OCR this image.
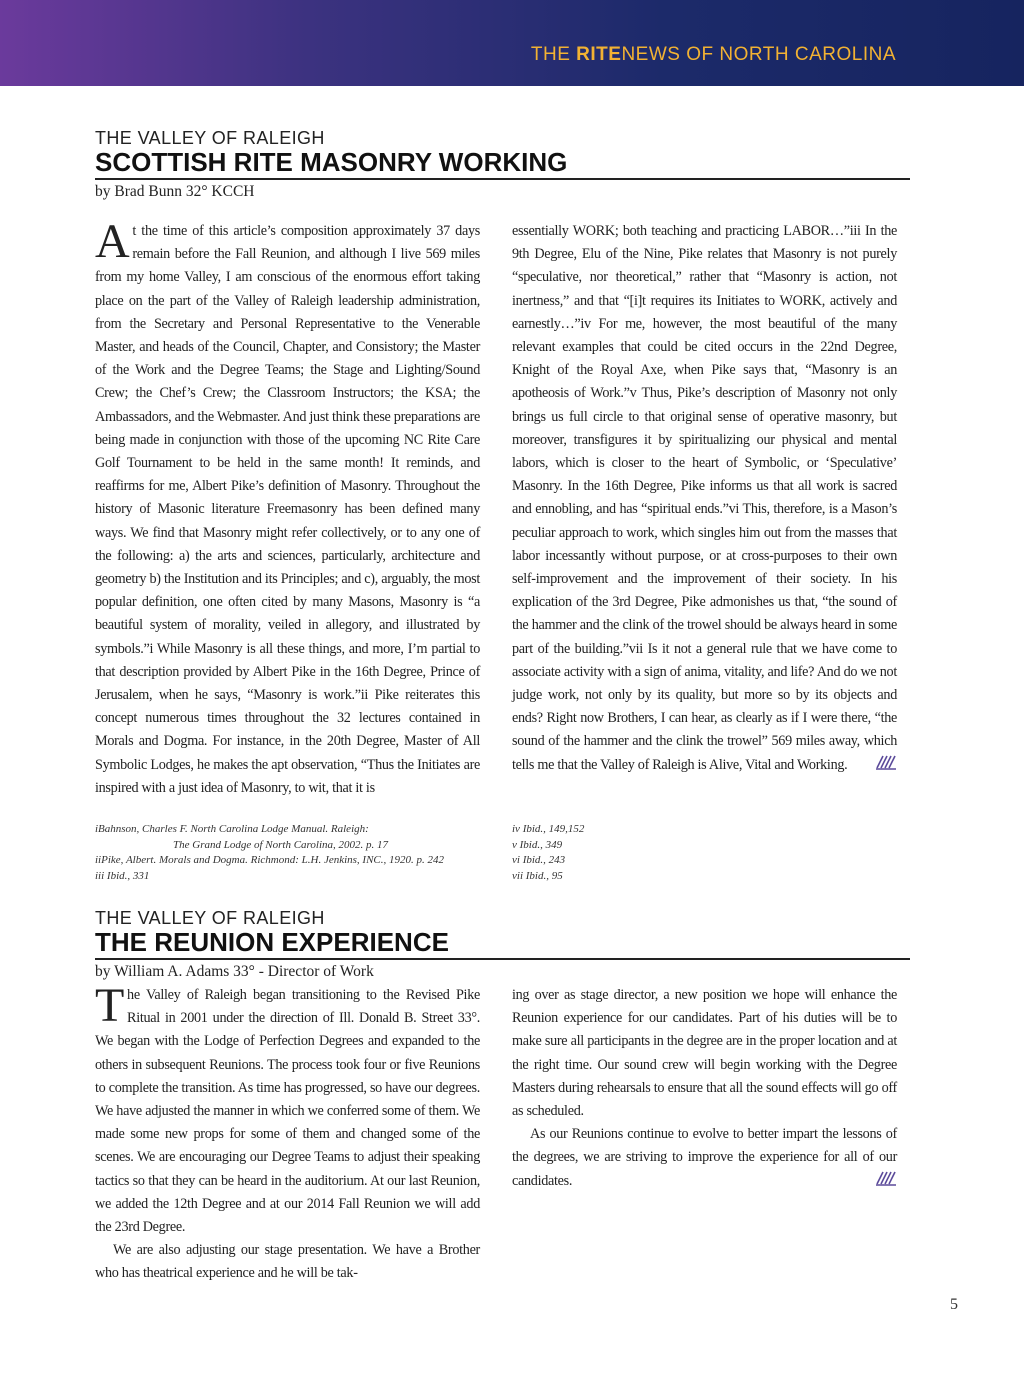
THE RITENEWS OF NORTH CAROLINA
THE VALLEY OF RALEIGH
SCOTTISH RITE MASONRY WORKING
by Brad Bunn 32° KCCH

At the time of this article’s composition approximately 37 days remain before the Fall Reunion, and although I live 569 miles from my home Valley, I am conscious of the enormous effort taking place on the part of the Valley of Raleigh leadership administration, from the Secretary and Personal Representative to the Venerable Master, and heads of the Council, Chapter, and Consistory; the Master of the Work and the Degree Teams; the Stage and Lighting/Sound Crew; the Chef’s Crew; the Classroom Instructors; the KSA; the Ambassadors, and the Webmaster. And just think these preparations are being made in conjunction with those of the upcoming NC Rite Care Golf Tournament to be held in the same month! It reminds, and reaffirms for me, Albert Pike’s definition of Masonry. Throughout the history of Masonic literature Freemasonry has been defined many ways. We find that Masonry might refer collectively, or to any one of the following: a) the arts and sciences, particularly, architecture and geometry b) the Institution and its Principles; and c), arguably, the most popular definition, one often cited by many Masons, Masonry is “a beautiful system of morality, veiled in allegory, and illustrated by symbols.”i While Masonry is all these things, and more, I’m partial to that description provided by Albert Pike in the 16th Degree, Prince of Jerusalem, when he says, “Masonry is work.”ii Pike reiterates this concept numerous times throughout the 32 lectures contained in Morals and Dogma. For instance, in the 20th Degree, Master of All Symbolic Lodges, he makes the apt observation, “Thus the Initiates are inspired with a just idea of Masonry, to wit, that it is

essentially WORK; both teaching and practicing LABOR…”iii In the 9th Degree, Elu of the Nine, Pike relates that Masonry is not purely “speculative, nor theoretical,” rather that “Masonry is action, not inertness,” and that “[i]t requires its Initiates to WORK, actively and earnestly…”iv For me, however, the most beautiful of the many relevant examples that could be cited occurs in the 22nd Degree, Knight of the Royal Axe, when Pike says that, “Masonry is an apotheosis of Work.”v Thus, Pike’s description of Masonry not only brings us full circle to that original sense of operative masonry, but moreover, transfigures it by spiritualizing our physical and mental labors, which is closer to the heart of Symbolic, or ‘Speculative’ Masonry. In the 16th Degree, Pike informs us that all work is sacred and ennobling, and has “spiritual ends.”vi This, therefore, is a Mason’s peculiar approach to work, which singles him out from the masses that labor incessantly without purpose, or at cross-purposes to their own self-improvement and the improvement of their society. In his explication of the 3rd Degree, Pike admonishes us that, “the sound of the hammer and the clink of the trowel should be always heard in some part of the building.”vii Is it not a general rule that we have come to associate activity with a sign of anima, vitality, and life? And do we not judge work, not only by its quality, but more so by its objects and ends? Right now Brothers, I can hear, as clearly as if I were there, “the sound of the hammer and the clink the trowel” 569 miles away, which tells me that the Valley of Raleigh is Alive, Vital and Working.

iBahnson, Charles F. North Carolina Lodge Manual. Raleigh:
The Grand Lodge of North Carolina, 2002. p. 17
iiPike, Albert. Morals and Dogma. Richmond: L.H. Jenkins, INC., 1920. p. 242
iii Ibid., 331
iv Ibid., 149,152
v Ibid., 349
vi Ibid., 243
vii Ibid., 95
THE VALLEY OF RALEIGH
THE REUNION EXPERIENCE
by William A. Adams 33° - Director of Work

The Valley of Raleigh began transitioning to the Revised Pike Ritual in 2001 under the direction of Ill. Donald B. Street 33°. We began with the Lodge of Perfection Degrees and expanded to the others in subsequent Reunions. The process took four or five Reunions to complete the transition. As time has progressed, so have our degrees. We have adjusted the manner in which we conferred some of them. We made some new props for some of them and changed some of the scenes. We are encouraging our Degree Teams to adjust their speaking tactics so that they can be heard in the auditorium. At our last Reunion, we added the 12th Degree and at our 2014 Fall Reunion we will add the 23rd Degree.

We are also adjusting our stage presentation. We have a Brother who has theatrical experience and he will be tak-

ing over as stage director, a new position we hope will enhance the Reunion experience for our candidates. Part of his duties will be to make sure all participants in the degree are in the proper location and at the right time. Our sound crew will begin working with the Degree Masters during rehearsals to ensure that all the sound effects will go off as scheduled.

As our Reunions continue to evolve to better impart the lessons of the degrees, we are striving to improve the experience for all of our candidates.

5
